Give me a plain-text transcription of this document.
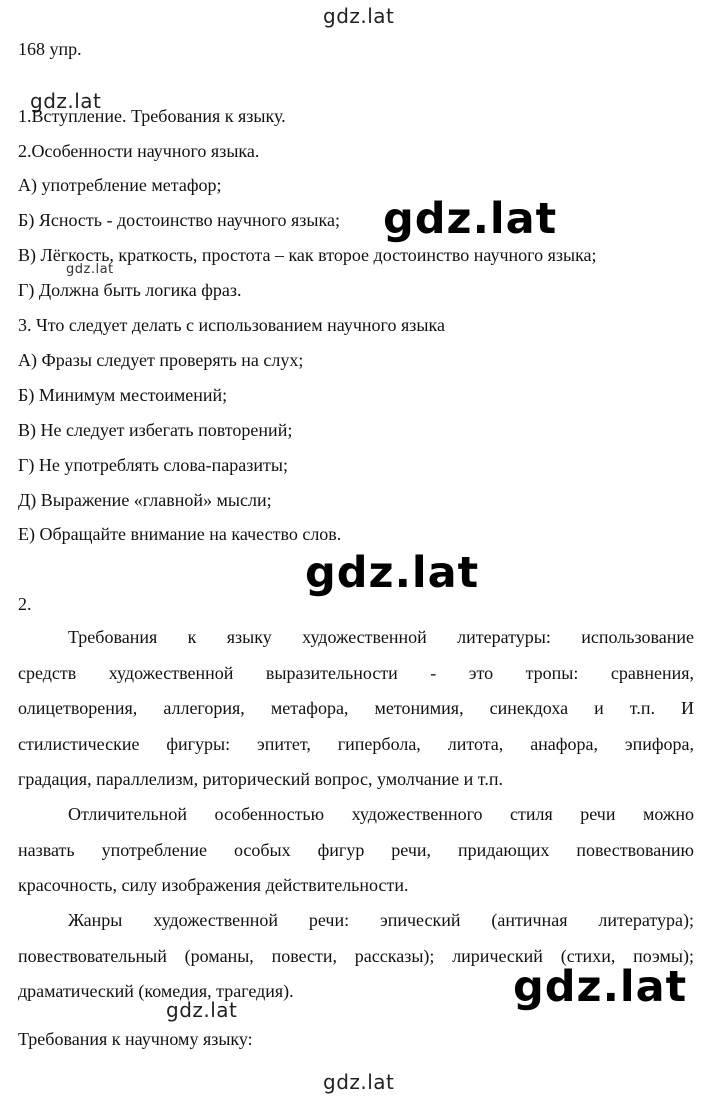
gdz.lat
gdz.lat
gdz.lat
gdz.lat
gdz.lat
gdz.lat
gdz.lat
gdz.lat
168 упр.
1.Вступление. Требования к языку.
2.Особенности научного языка.
А) употребление метафор;
Б) Ясность - достоинство научного языка;
В) Лёгкость, краткость, простота – как второе достоинство научного языка;
Г) Должна быть логика фраз.
3. Что следует делать с использованием научного языка
А) Фразы следует проверять на слух;
Б) Минимум местоимений;
В) Не следует избегать повторений;
Г) Не употреблять слова-паразиты;
Д) Выражение «главной» мысли;
Е) Обращайте внимание на качество слов.
2.
Требования к языку художественной литературы: использование
средств художественной выразительности - это тропы: сравнения,
олицетворения, аллегория, метафора, метонимия, синекдоха и т.п. И
стилистические фигуры: эпитет, гипербола, литота, анафора, эпифора,
градация, параллелизм, риторический вопрос, умолчание и т.п.
Отличительной особенностью художественного стиля речи можно
назвать употребление особых фигур речи, придающих повествованию
красочность, силу изображения действительности.
Жанры художественной речи: эпический (античная литература);
повествовательный (романы, повести, рассказы); лирический (стихи, поэмы);
драматический (комедия, трагедия).
Требования к научному языку:
